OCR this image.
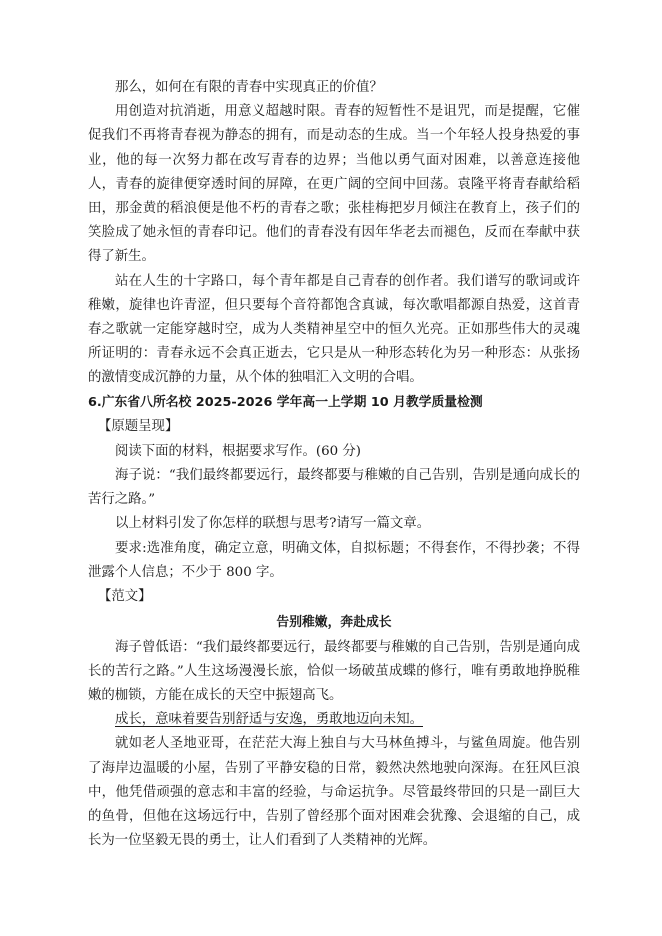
那么，如何在有限的青春中实现真正的价值？

用创造对抗消逝，用意义超越时限。青春的短暂性不是诅咒，而是提醒，它催促我们不再将青春视为静态的拥有，而是动态的生成。当一个年轻人投身热爱的事业，他的每一次努力都在改写青春的边界；当他以勇气面对困难，以善意连接他人，青春的旋律便穿透时间的屏障，在更广阔的空间中回荡。袁隆平将青春献给稻田，那金黄的稻浪便是他不朽的青春之歌；张桂梅把岁月倾注在教育上，孩子们的笑脸成了她永恒的青春印记。他们的青春没有因年华老去而褪色，反而在奉献中获得了新生。

站在人生的十字路口，每个青年都是自己青春的创作者。我们谱写的歌词或许稚嫩，旋律也许青涩，但只要每个音符都饱含真诚，每次歌唱都源自热爱，这首青春之歌就一定能穿越时空，成为人类精神星空中的恒久光亮。正如那些伟大的灵魂所证明的：青春永远不会真正逝去，它只是从一种形态转化为另一种形态：从张扬的激情变成沉静的力量，从个体的独唱汇入文明的合唱。

6.广东省八所名校 2025-2026 学年高一上学期 10 月教学质量检测

【原题呈现】

阅读下面的材料，根据要求写作。(60 分)

海子说：“我们最终都要远行，最终都要与稚嫩的自己告别，告别是通向成长的苦行之路。”

以上材料引发了你怎样的联想与思考?请写一篇文章。

要求:选准角度，确定立意，明确文体，自拟标题；不得套作，不得抄袭；不得泄露个人信息；不少于 800 字。

【范文】

告别稚嫩，奔赴成长

海子曾低语：“我们最终都要远行，最终都要与稚嫩的自己告别，告别是通向成长的苦行之路。”人生这场漫漫长旅，恰似一场破茧成蝶的修行，唯有勇敢地挣脱稚嫩的枷锁，方能在成长的天空中振翅高飞。

成长，意味着要告别舒适与安逸，勇敢地迈向未知。

就如老人圣地亚哥，在茫茫大海上独自与大马林鱼搏斗，与鲨鱼周旋。他告别了海岸边温暖的小屋，告别了平静安稳的日常，毅然决然地驶向深海。在狂风巨浪中，他凭借顽强的意志和丰富的经验，与命运抗争。尽管最终带回的只是一副巨大的鱼骨，但他在这场远行中，告别了曾经那个面对困难会犹豫、会退缩的自己，成长为一位坚毅无畏的勇士，让人们看到了人类精神的光辉。
